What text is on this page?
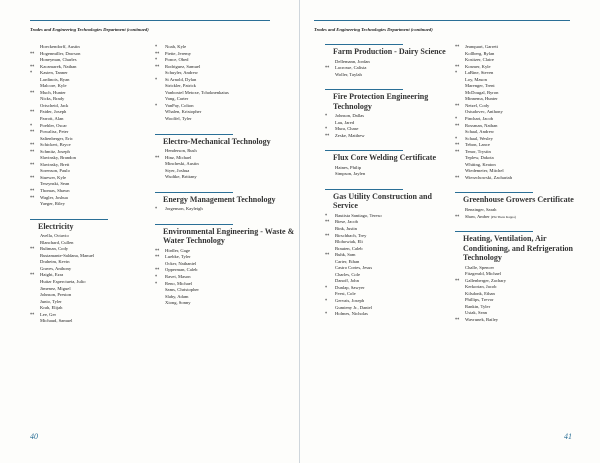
Trades and Engineering Technologies Department (continued)
Hoeckendorff, Austin
**	Hogenmiller, Dawson
Honeyman, Charles
**	Kaczmarek, Nathan
*	Kasten, Tanner
Lardinois, Ryan
Malcore, Kyle
**	Much, Hunter
Nicks, Brady
Ortscheid, Jack
**	Paider, Joseph
Parrott, Alan
*	Poehler, Oscar
**	Powalisz, Peter
Saltenberger, Eric
**	Schickert, Bryce
**	Schmitz, Joseph
Slavinsky, Brandon
**	Slavinsky, Brett
Sorenson, Paulo
**	Stuewer, Kyle
Terzynski, Sean
**	Thomas, Shawn
**	Wagler, Joshua
Yaeger, Riley
Electricity
Avella, Octavio
Blanchard, Cullen
**	Bultman, Cody
Bustamante-Saldana, Manuel
Draheim, Kevin
Graves, Anthony
**	Haight, Ezra
Huitzr Esperciueta, Julio
Jimenez, Miguel
Johnson, Preston
Junio, Tyler
Krah, Elijah
**	Lee, Ger
Michaud, Samuel
*	Noah, Kyle
**	Piette, Jeremy
*	Ponce, Obed
**	Rodriguez, Samuel
Schuyler, Andrew
*	St Arnold, Dylan
Strickler, Patrick
Vanboxtel Metoxe, Tchoknenkaius
Vang, Carter
*	VanPay, Colton
Whalen, Kristopher
Woolfel, Tyler
Electro-Mechanical Technology
Henderson, Rush
**	Hinz, Michael
Mincheski, Austin
Styer, Joshua
Wudtke, Brittany
Energy Management Technology
*	Jorgenson, Kayleigh
Environmental Engineering - Waste & Water Technology
**	Hirdler, Gage
**	Luebke, Tyler
Ocker, Nathaniel
**	Opperman, Caleb
*	Ravet, Mason
*	Reno, Michael
Sams, Christopher
Slaby, Adam
Xiong, Sonny
40
Trades and Engineering Technologies Department (continued)
Farm Production - Dairy Science
Dellemann, Jordan
**	Lacrosse, Calista
Woller, Taylah
Fire Protection Engineering Technology
*	Johnson, Dallas
Lau, Jared
*	Mura, Chase
**	Zeske, Matthew
Flux Core Welding Certificate
Haines, Philip
Simpson, Jaylen
Gas Utility Construction and Service
*	Bautista Santiago, Tereso
**	Biese, Jacob
Bink, Justin
**	Birschbach, Trey
Blohowiak, Eli
Brauten, Caleb
**	Buhk, Sam
Carter, Ethan
Castro Cortes, Jesus
Charles, Cole
Danoff, John
*	Dunlap, Sawyer
Feest, Cole
*	Gervais, Joseph
Gumieny Jr., Daniel
*	Holmes, Nicholas
**	Jeanquart, Garrett
Kollberg, Rylan
Kositzer, Claire
**	Kosmer, Kyle
*	LaBine, Steven
Loy, Mason
Marenger, Trent
McDougal, Byron
Minnema, Hunter
**	Netzel, Cody
Ostudovec, Anthony
*	Pinchart, Jacob
**	Rossman, Nathan
Schaal, Andrew
*	Schaal, Wesley
**	Tebon, Lance
**	Tenor, Trystin
Teplew, Dakota
Whiting, Keaton
Wiedemeier, Mitchel
**	Wierzchowski, Zachariah
Greenhouse Growers Certificate
Benzinger, Sarah
**	Shaw, Amber (Phi Theta Kappa)
Heating, Ventilation, Air Conditioning, and Refrigeration Technology
Challe, Spencer
Fitzgerald, Michael
**	Gallenberger, Zachary
Kerkorian, Jacob
Kilsdonk, Ethan
Phillips, Trevor
Rankin, Tyler
Ustak, Sean
**	Wavrunek, Bailey
41
